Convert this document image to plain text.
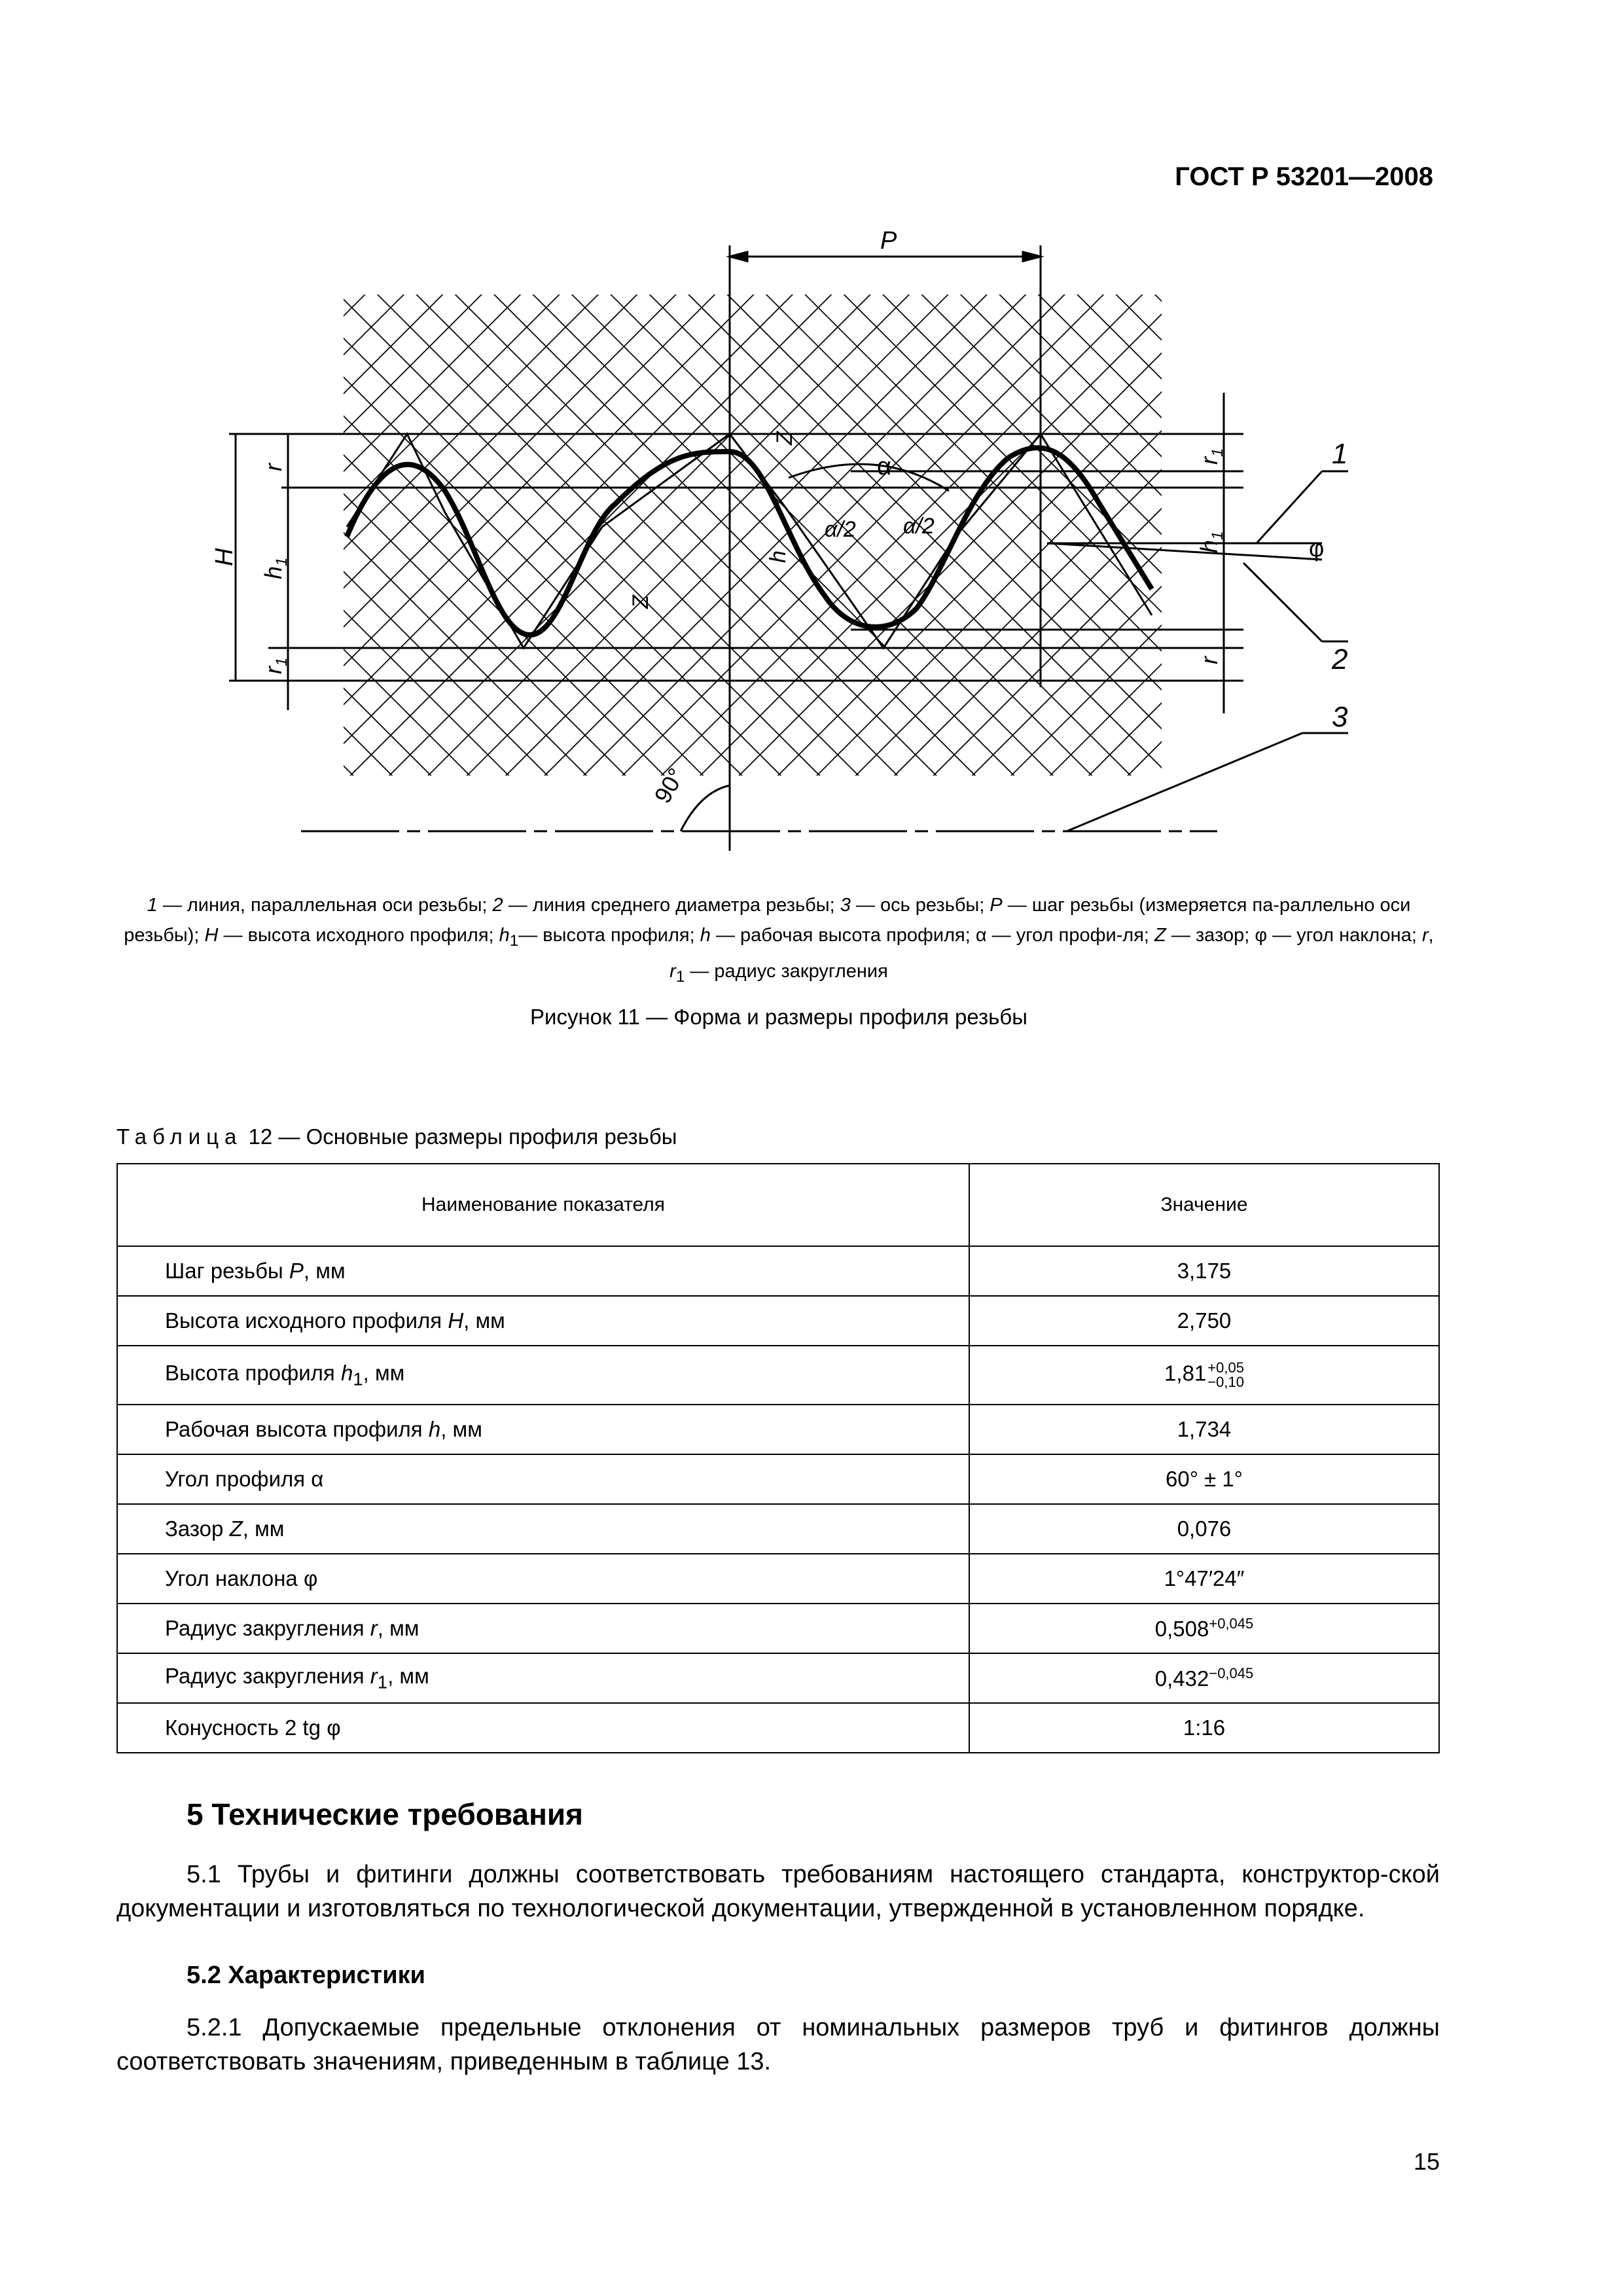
ГОСТ Р 53201—2008
P
H
$h_1$
r
$r_1$
$r_1$
$h_1$
r
Z
Z
α
α/2 α/2
h
1
2
3
φ
90°
1 — линия, параллельная оси резьбы; 2 — линия среднего диаметра резьбы; 3 — ось резьбы; P — шаг резьбы (измеряется па-раллельно оси резьбы); H — высота исходного профиля; $h_1—$ высота профиля; h — рабочая высота профиля; α — угол профи-ля; Z — зазор; φ — угол наклона; r, $r_1$ — радиус закругления
Рисунок 11 — Форма и размеры профиля резьбы
Таблица 12 — Основные размеры профиля резьбы
Наименование показателя	Значение
Шаг резьбы P, мм	3,175
Высота исходного профиля H, мм	2,750
Высота профиля $h_1$, мм	1,81 +0,05
−0,10

Рабочая высота профиля h, мм	1,734
Угол профиля α	60° ± 1°
Зазор Z, мм	0,076
Угол наклона φ	1°47′24″
Радиус закругления r, мм	$0,508^{+0,045}$
Радиус закругления $r_1$, мм	$0,432^{-0,045}$
Конусность 2 tg φ	1:16
5 Технические требования
5.1 Трубы и фитинги должны соответствовать требованиям настоящего стандарта, конструктор-ской документации и изготовляться по технологической документации, утвержденной в установленном порядке.
5.2 Характеристики
5.2.1 Допускаемые предельные отклонения от номинальных размеров труб и фитингов должны соответствовать значениям, приведенным в таблице 13.
15
